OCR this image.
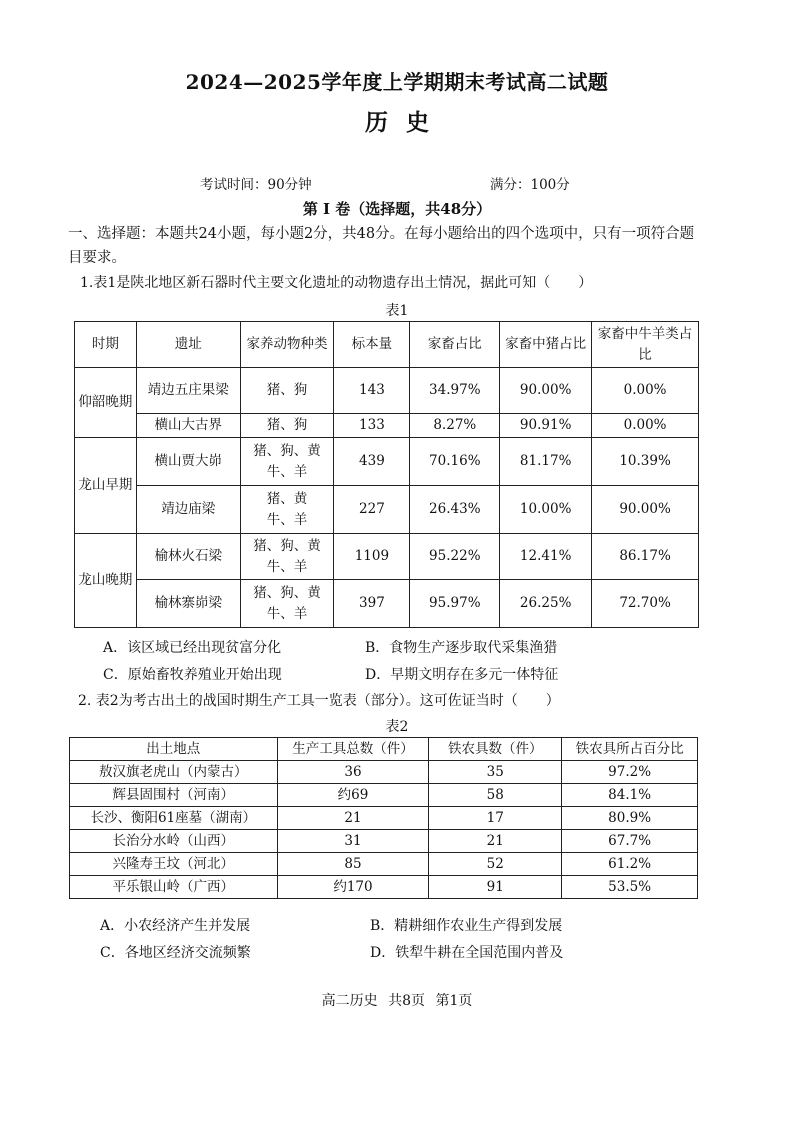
2024—2025学年度上学期期末考试高二试题
历史
考试时间：90分钟	满分：100分
第 Ⅰ 卷（选择题，共48分）
一、选择题：本题共24小题，每小题2分，共48分。在每小题给出的四个选项中，只有一项符合题目要求。
1.表1是陕北地区新石器时代主要文化遗址的动物遗存出土情况，据此可知（　　）
表1
时期	遗址	家养动物种类	标本量	家畜占比	家畜中猪占比	家畜中牛羊类占比
仰韶晚期	靖边五庄果梁	猪、狗	143	34.97%	90.00%	0.00%
	横山大古界	猪、狗	133	8.27%	90.91%	0.00%
龙山早期	横山贾大峁	猪、狗、黄牛、羊	439	70.16%	81.17%	10.39%
	靖边庙梁	猪、黄牛、羊	227	26.43%	10.00%	90.00%
龙山晚期	榆林火石梁	猪、狗、黄牛、羊	1109	95.22%	12.41%	86.17%
	榆林寨峁梁	猪、狗、黄牛、羊	397	95.97%	26.25%	72.70%
A．该区域已经出现贫富分化	B．食物生产逐步取代采集渔猎
C．原始畜牧养殖业开始出现	D．早期文明存在多元一体特征
2. 表2为考古出土的战国时期生产工具一览表（部分）。这可佐证当时（　　）
表2
出土地点	生产工具总数（件）	铁农具数（件）	铁农具所占百分比
敖汉旗老虎山（内蒙古）	36	35	97.2%
辉县固围村（河南）	约69	58	84.1%
长沙、衡阳61座墓（湖南）	21	17	80.9%
长治分水岭（山西）	31	21	67.7%
兴隆寿王坟（河北）	85	52	61.2%
平乐银山岭（广西）	约170	91	53.5%
A．小农经济产生并发展	B．精耕细作农业生产得到发展
C．各地区经济交流频繁	D．铁犁牛耕在全国范围内普及
高二历史 共8页 第1页
